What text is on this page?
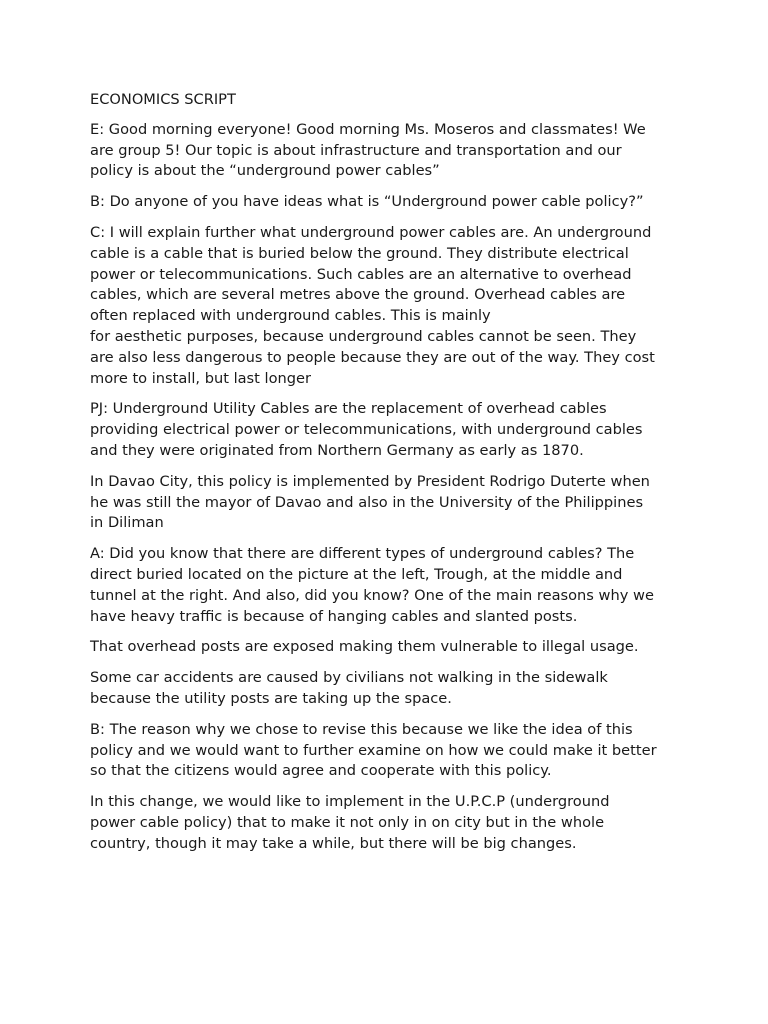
ECONOMICS SCRIPT

E: Good morning everyone! Good morning Ms. Moseros and classmates! We
are group 5! Our topic is about infrastructure and transportation and our
policy is about the “underground power cables”

B: Do anyone of you have ideas what is “Underground power cable policy?”

C: I will explain further what underground power cables are. An underground
cable is a cable that is buried below the ground. They distribute electrical
power or telecommunications. Such cables are an alternative to overhead
cables, which are several metres above the ground. Overhead cables are
often replaced with underground cables. This is mainly
for aesthetic purposes, because underground cables cannot be seen. They
are also less dangerous to people because they are out of the way. They cost
more to install, but last longer

PJ: Underground Utility Cables are the replacement of overhead cables
providing electrical power or telecommunications, with underground cables
and they were originated from Northern Germany as early as 1870.

In Davao City, this policy is implemented by President Rodrigo Duterte when
he was still the mayor of Davao and also in the University of the Philippines
in Diliman

A: Did you know that there are different types of underground cables? The
direct buried located on the picture at the left, Trough, at the middle and
tunnel at the right. And also, did you know? One of the main reasons why we
have heavy traffic is because of hanging cables and slanted posts.

That overhead posts are exposed making them vulnerable to illegal usage.

Some car accidents are caused by civilians not walking in the sidewalk
because the utility posts are taking up the space.

B: The reason why we chose to revise this because we like the idea of this
policy and we would want to further examine on how we could make it better
so that the citizens would agree and cooperate with this policy.

In this change, we would like to implement in the U.P.C.P (underground
power cable policy) that to make it not only in on city but in the whole
country, though it may take a while, but there will be big changes.
